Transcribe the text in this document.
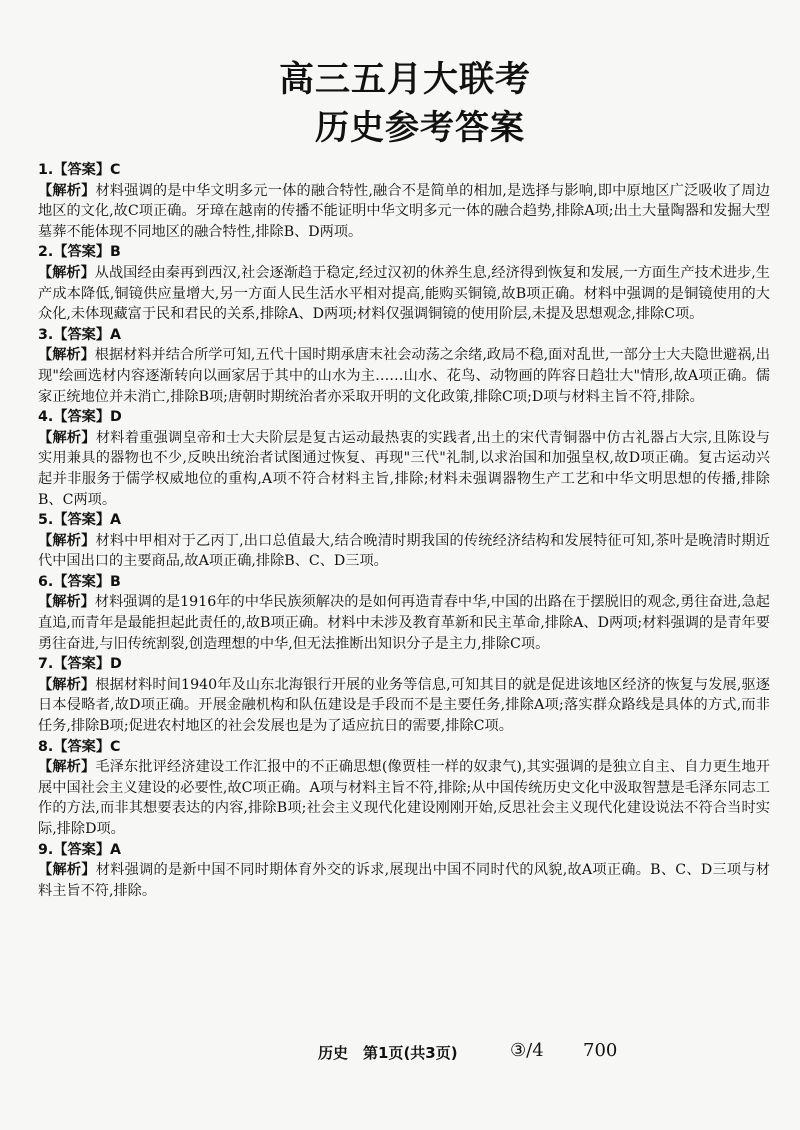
高三五月大联考
历史参考答案
1.【答案】C
【解析】材料强调的是中华文明多元一体的融合特性,融合不是简单的相加,是选择与影响,即中原地区广泛吸收了周边地区的文化,故C项正确。牙璋在越南的传播不能证明中华文明多元一体的融合趋势,排除A项;出土大量陶器和发掘大型墓葬不能体现不同地区的融合特性,排除B、D两项。
2.【答案】B
【解析】从战国经由秦再到西汉,社会逐渐趋于稳定,经过汉初的休养生息,经济得到恢复和发展,一方面生产技术进步,生产成本降低,铜镜供应量增大,另一方面人民生活水平相对提高,能购买铜镜,故B项正确。材料中强调的是铜镜使用的大众化,未体现藏富于民和君民的关系,排除A、D两项;材料仅强调铜镜的使用阶层,未提及思想观念,排除C项。
3.【答案】A
【解析】根据材料并结合所学可知,五代十国时期承唐末社会动荡之余绪,政局不稳,面对乱世,一部分士大夫隐世避祸,出现"绘画选材内容逐渐转向以画家居于其中的山水为主……山水、花鸟、动物画的阵容日趋壮大"情形,故A项正确。儒家正统地位并未消亡,排除B项;唐朝时期统治者亦采取开明的文化政策,排除C项;D项与材料主旨不符,排除。
4.【答案】D
【解析】材料着重强调皇帝和士大夫阶层是复古运动最热衷的实践者,出土的宋代青铜器中仿古礼器占大宗,且陈设与实用兼具的器物也不少,反映出统治者试图通过恢复、再现"三代"礼制,以求治国和加强皇权,故D项正确。复古运动兴起并非服务于儒学权威地位的重构,A项不符合材料主旨,排除;材料未强调器物生产工艺和中华文明思想的传播,排除B、C两项。
5.【答案】A
【解析】材料中甲相对于乙丙丁,出口总值最大,结合晚清时期我国的传统经济结构和发展特征可知,茶叶是晚清时期近代中国出口的主要商品,故A项正确,排除B、C、D三项。
6.【答案】B
【解析】材料强调的是1916年的中华民族须解决的是如何再造青春中华,中国的出路在于摆脱旧的观念,勇往奋进,急起直追,而青年是最能担起此责任的,故B项正确。材料中未涉及教育革新和民主革命,排除A、D两项;材料强调的是青年要勇往奋进,与旧传统割裂,创造理想的中华,但无法推断出知识分子是主力,排除C项。
7.【答案】D
【解析】根据材料时间1940年及山东北海银行开展的业务等信息,可知其目的就是促进该地区经济的恢复与发展,驱逐日本侵略者,故D项正确。开展金融机构和队伍建设是手段而不是主要任务,排除A项;落实群众路线是具体的方式,而非任务,排除B项;促进农村地区的社会发展也是为了适应抗日的需要,排除C项。
8.【答案】C
【解析】毛泽东批评经济建设工作汇报中的不正确思想(像贾桂一样的奴隶气),其实强调的是独立自主、自力更生地开展中国社会主义建设的必要性,故C项正确。A项与材料主旨不符,排除;从中国传统历史文化中汲取智慧是毛泽东同志工作的方法,而非其想要表达的内容,排除B项;社会主义现代化建设刚刚开始,反思社会主义现代化建设说法不符合当时实际,排除D项。
9.【答案】A
【解析】材料强调的是新中国不同时期体育外交的诉求,展现出中国不同时代的风貌,故A项正确。B、C、D三项与材料主旨不符,排除。
历史　第1页(共3页)	③/4 700
